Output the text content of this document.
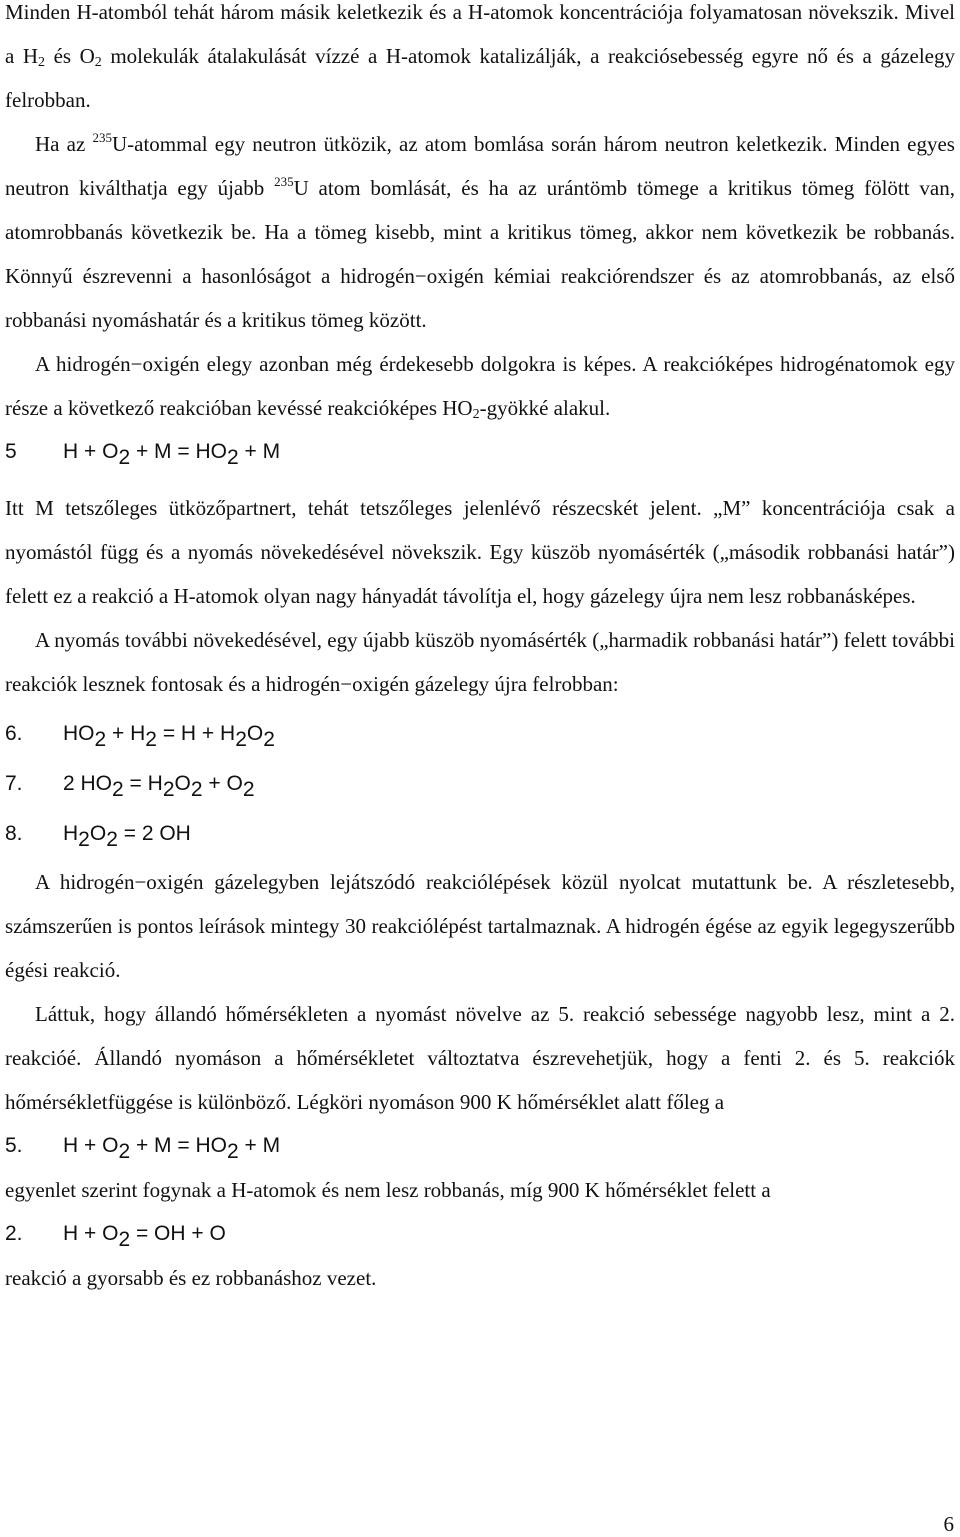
Minden H-atomból tehát három másik keletkezik és a H-atomok koncentrációja folyamatosan növekszik. Mivel a $H_2$ és $O_2$ molekulák átalakulását vízzé a H-atomok katalizálják, a reakciósebesség egyre nő és a gázelegy felrobban.

Ha az $^{235}$U-atommal egy neutron ütközik, az atom bomlása során három neutron keletkezik. Minden egyes neutron kiválthatja egy újabb $^{235}$U atom bomlását, és ha az urántömb tömege a kritikus tömeg fölött van, atomrobbanás következik be. Ha a tömeg kisebb, mint a kritikus tömeg, akkor nem következik be robbanás. Könnyű észrevenni a hasonlóságot a hidrogén−oxigén kémiai reakciórendszer és az atomrobbanás, az első robbanási nyomáshatár és a kritikus tömeg között.

A hidrogén−oxigén elegy azonban még érdekesebb dolgokra is képes. A reakcióképes hidrogénatomok egy része a következő reakcióban kevéssé reakcióképes $HO_2$-gyökké alakul.

5	$H + O_2 + M = HO_2 + M$

Itt M tetszőleges ütközőpartnert, tehát tetszőleges jelenlévő részecskét jelent. „M” koncentrációja csak a nyomástól függ és a nyomás növekedésével növekszik. Egy küszöb nyomásérték („második robbanási határ”) felett ez a reakció a H-atomok olyan nagy hányadát távolítja el, hogy gázelegy újra nem lesz robbanásképes.

A nyomás további növekedésével, egy újabb küszöb nyomásérték („harmadik robbanási határ”) felett további reakciók lesznek fontosak és a hidrogén−oxigén gázelegy újra felrobban:

6.	$HO_2 + H_2 = H + H_2O_2$
7.	2 $HO_2 = H_2O_2 + O_2$
8.	$H_2O_2 = 2$ OH

A hidrogén−oxigén gázelegyben lejátszódó reakciólépések közül nyolcat mutattunk be. A részletesebb, számszerűen is pontos leírások mintegy 30 reakciólépést tartalmaznak. A hidrogén égése az egyik legegyszerűbb égési reakció.

Láttuk, hogy állandó hőmérsékleten a nyomást növelve az 5. reakció sebessége nagyobb lesz, mint a 2. reakcióé. Állandó nyomáson a hőmérsékletet változtatva észrevehetjük, hogy a fenti 2. és 5. reakciók hőmérsékletfüggése is különböző. Légköri nyomáson 900 K hőmérséklet alatt főleg a

5.	$H + O_2 + M = HO_2 + M$

egyenlet szerint fogynak a H-atomok és nem lesz robbanás, míg 900 K hőmérséklet felett a

2.	$H + O_2$ = OH + O

reakció a gyorsabb és ez robbanáshoz vezet.

6
